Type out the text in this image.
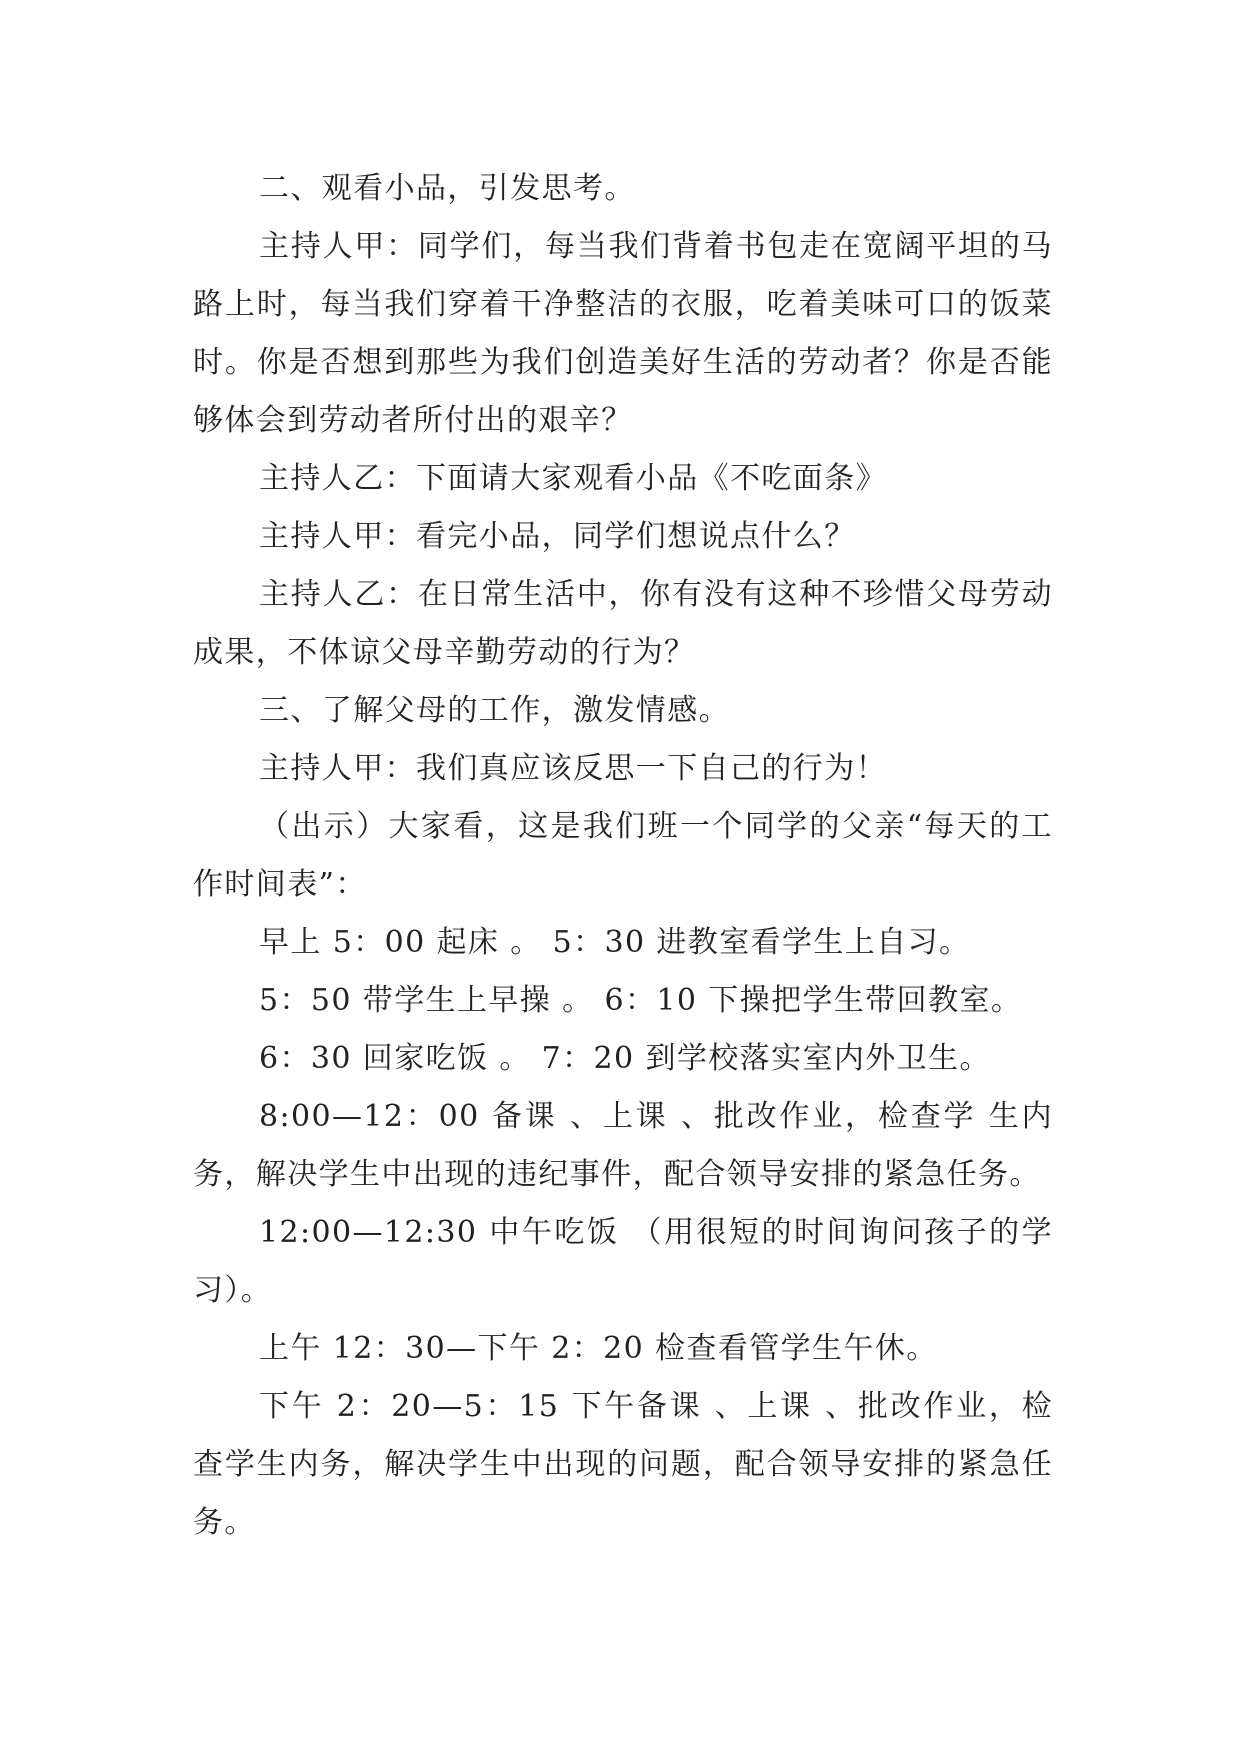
二、观看小品，引发思考。

主持人甲：同学们，每当我们背着书包走在宽阔平坦的马路上时，每当我们穿着干净整洁的衣服，吃着美味可口的饭菜时。你是否想到那些为我们创造美好生活的劳动者？你是否能够体会到劳动者所付出的艰辛？

主持人乙：下面请大家观看小品《不吃面条》

主持人甲：看完小品，同学们想说点什么？

主持人乙：在日常生活中，你有没有这种不珍惜父母劳动成果，不体谅父母辛勤劳动的行为？

三、了解父母的工作，激发情感。

主持人甲：我们真应该反思一下自己的行为！

（出示）大家看，这是我们班一个同学的父亲“每天的工作时间表”：

早上 5：00 起床 。 5：30 进教室看学生上自习。

5：50 带学生上早操 。 6：10 下操把学生带回教室。

6：30 回家吃饭 。 7：20 到学校落实室内外卫生。

8:00—12：00 备课 、上课 、批改作业，检查学 生内务，解决学生中出现的违纪事件，配合领导安排的紧急任务。

12:00—12:30 中午吃饭 （用很短的时间询问孩子的学习）。

上午 12：30—下午 2：20 检查看管学生午休。

下午 2：20—5：15 下午备课 、上课 、批改作业，检查学生内务，解决学生中出现的问题，配合领导安排的紧急任务。
